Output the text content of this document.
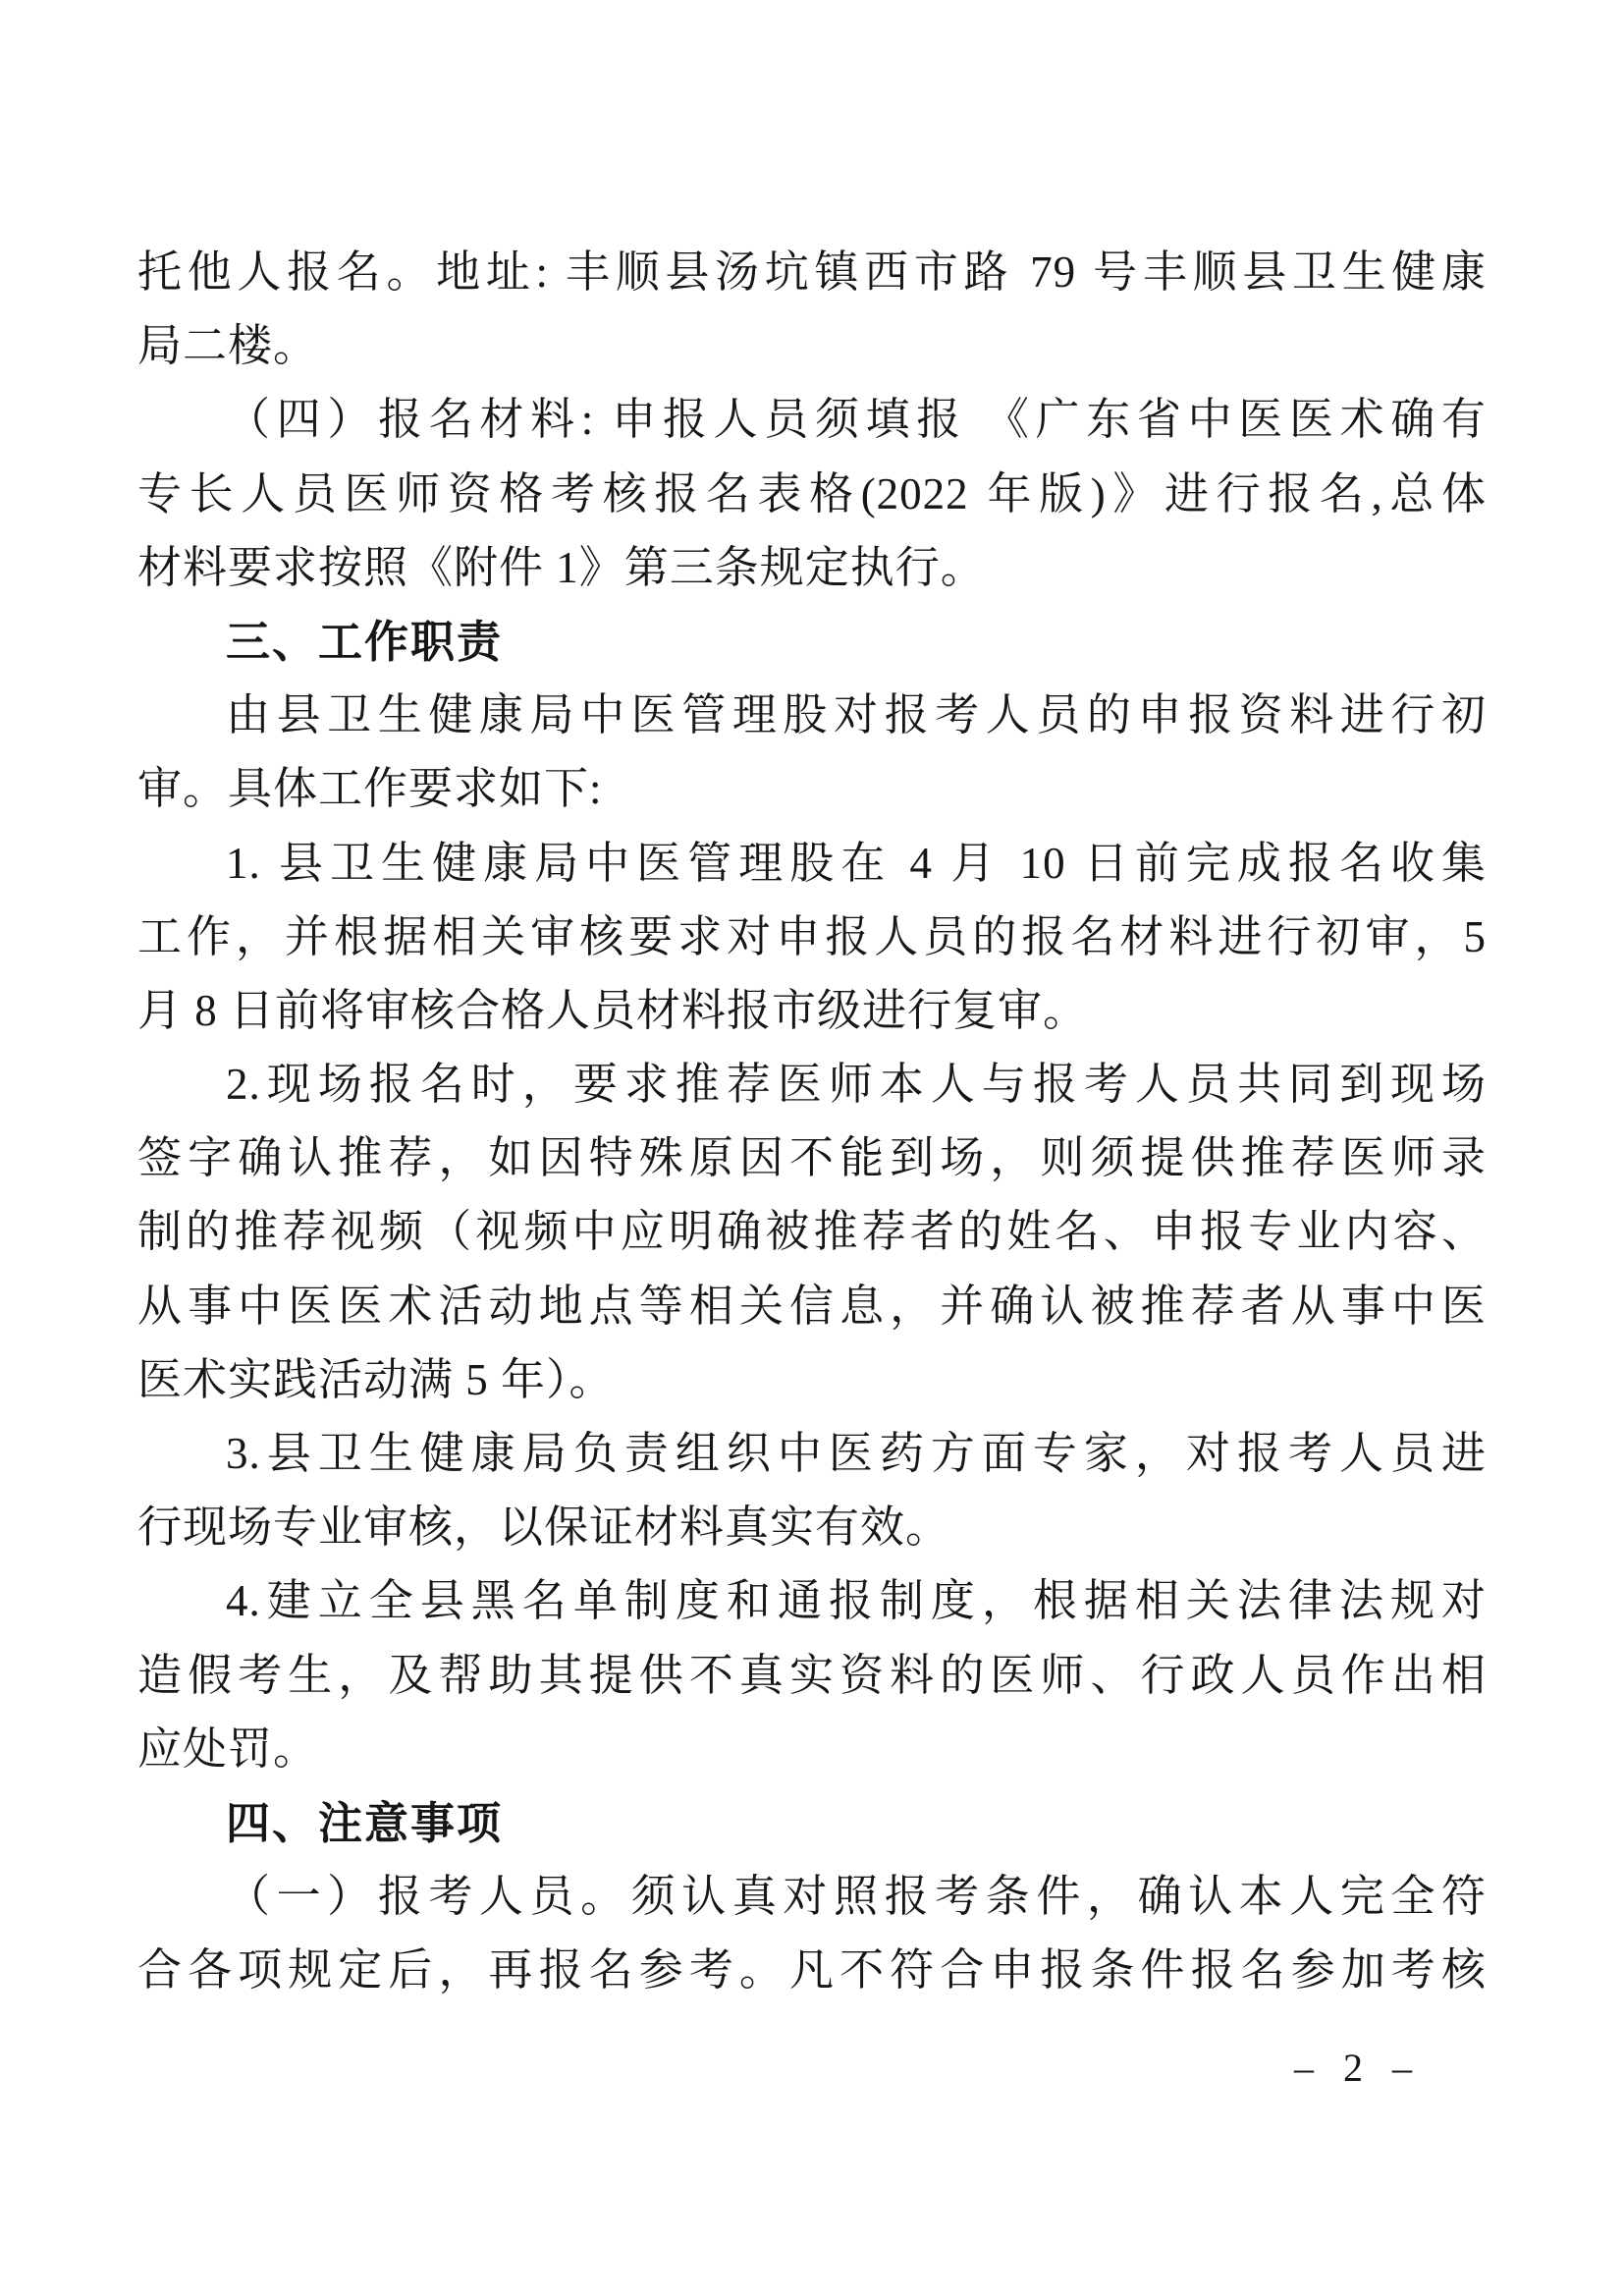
托他人报名。地址: 丰顺县汤坑镇西市路 79 号丰顺县卫生健康
局二楼。
（四）报名材料: 申报人员须填报 《广东省中医医术确有
专长人员医师资格考核报名表格(2022 年版)》进行报名,总体
材料要求按照《附件 1》第三条规定执行。
三、工作职责
由县卫生健康局中医管理股对报考人员的申报资料进行初
审。具体工作要求如下:
1. 县卫生健康局中医管理股在 4 月 10 日前完成报名收集
工作，并根据相关审核要求对申报人员的报名材料进行初审，5
月 8 日前将审核合格人员材料报市级进行复审。
2.现场报名时，要求推荐医师本人与报考人员共同到现场
签字确认推荐，如因特殊原因不能到场，则须提供推荐医师录
制的推荐视频（视频中应明确被推荐者的姓名、申报专业内容、
从事中医医术活动地点等相关信息，并确认被推荐者从事中医
医术实践活动满 5 年）。
3.县卫生健康局负责组织中医药方面专家，对报考人员进
行现场专业审核，以保证材料真实有效。
4.建立全县黑名单制度和通报制度，根据相关法律法规对
造假考生，及帮助其提供不真实资料的医师、行政人员作出相
应处罚。
四、注意事项
（一）报考人员。须认真对照报考条件，确认本人完全符
合各项规定后，再报名参考。凡不符合申报条件报名参加考核
– 2 –
